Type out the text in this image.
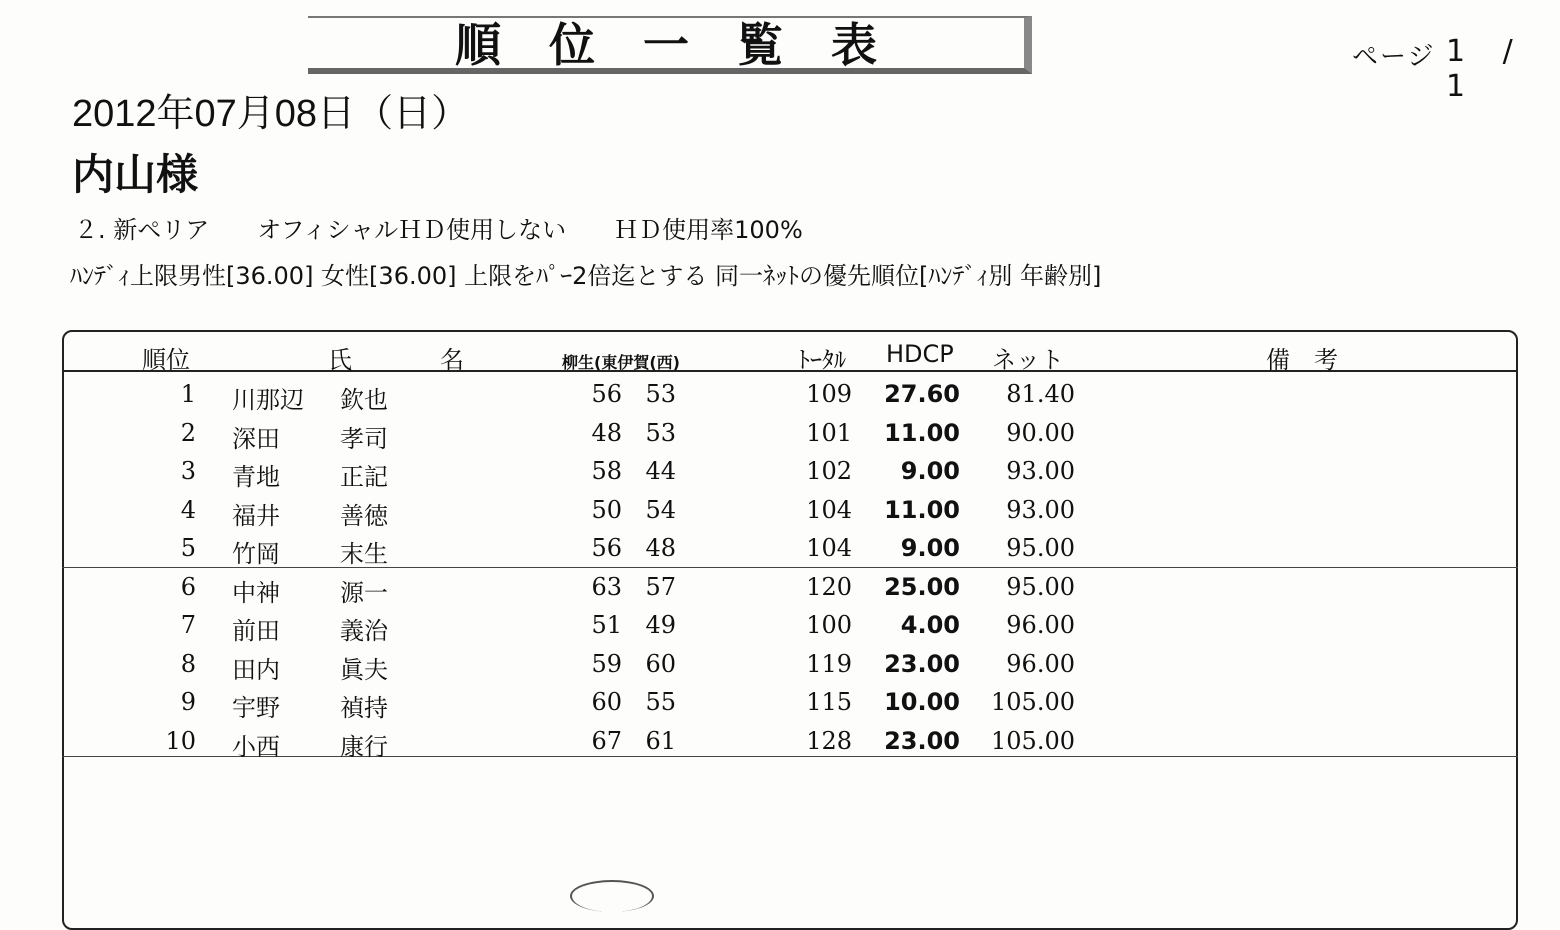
順位一覧表	ページ 1 / 1
2012年07月08日（日）
内山様
２. 新ペリア　　オフィシャルＨＤ使用しない　　ＨＤ使用率100%
ﾊﾝﾃﾞｨ上限男性[36.00] 女性[36.00] 上限をﾊﾟｰ2倍迄とする 同一ﾈｯﾄの優先順位[ﾊﾝﾃﾞｨ別 年齢別]
順位	氏	名	柳生(東伊賀(西)	ﾄｰﾀﾙ HDCP ネット	備　考
1 川那辺 欽也	56 53	109	27.60	81.40
2 深田	孝司	48 53	101	11.00	90.00
3 青地	正記	58 44	102	9.00	93.00
4 福井	善徳	50 54	104	11.00	93.00
5 竹岡	末生	56 48	104	9.00	95.00
6 中神	源一	63 57	120	25.00	95.00
7 前田	義治	51 49	100	4.00	96.00
8 田内	眞夫	59 60	119	23.00	96.00
9 宇野	禎持	60 55	115	10.00	105.00
10 小西	康行	67 61	128	23.00	105.00
